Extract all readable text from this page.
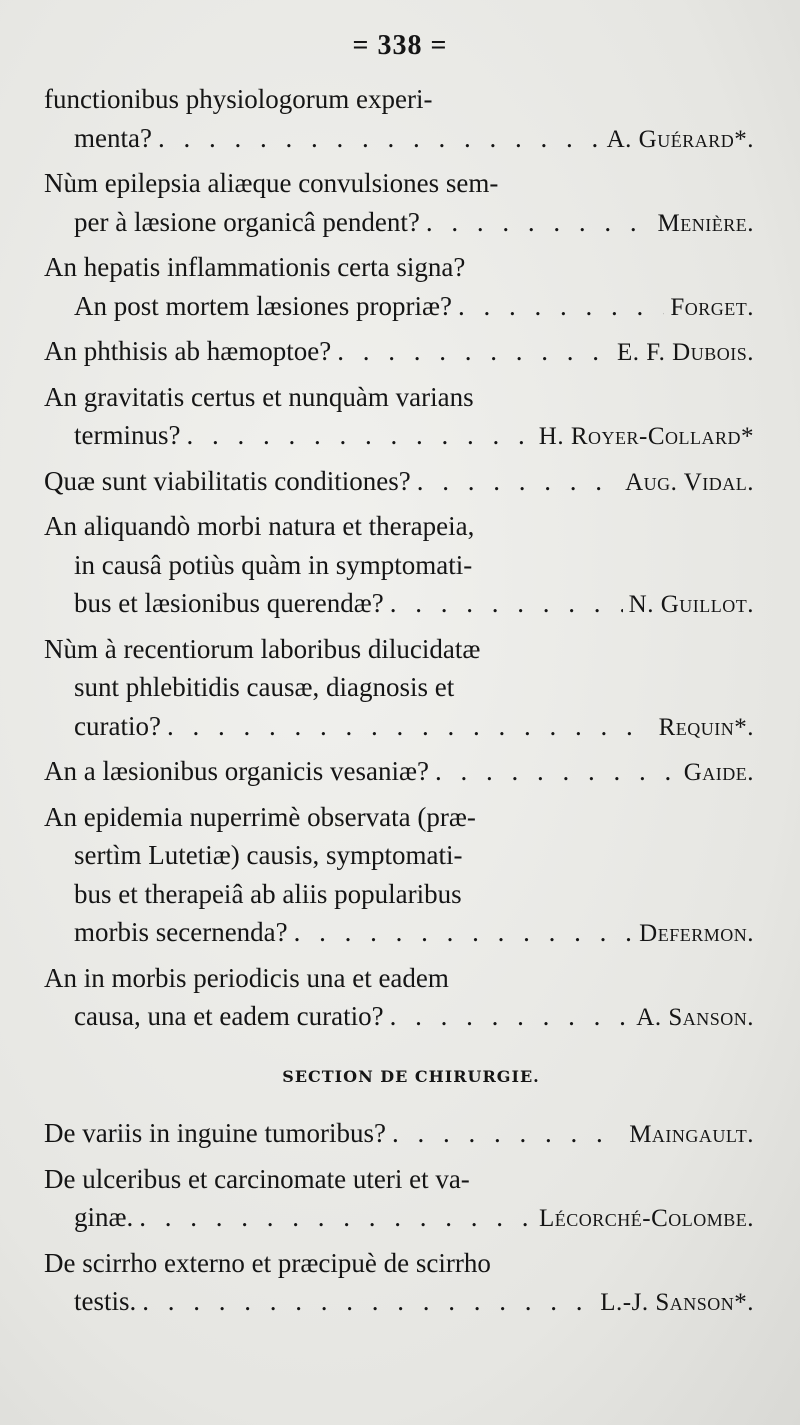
= 338 =
functionibus physiologorum experi-
menta? . . .	A. Guérard*.
Nùm epilepsia aliæque convulsiones sem-
per à læsione organicâ pendent? . . .	Menière.
An hepatis inflammationis certa signa?
An post mortem læsiones propriæ? . . .	Forget.
An phthisis ab hæmoptoe? . . .	E. F. Dubois.
An gravitatis certus et nunquàm varians
terminus? . . .	H. Royer-Collard*
Quæ sunt viabilitatis conditiones? . . .	Aug. Vidal.
An aliquandò morbi natura et therapeia,
in causâ potiùs quàm in symptomati-
bus et læsionibus querendæ? . . .	N. Guillot.
Nùm à recentiorum laboribus dilucidatæ
sunt phlebitidis causæ, diagnosis et
curatio? . . .	Requin*.
An a læsionibus organicis vesaniæ? . . .	Gaide.
An epidemia nuperrimè observata (præ-
sertìm Lutetiæ) causis, symptomati-
bus et therapeiâ ab aliis popularibus
morbis secernenda? . . .	Defermon.
An in morbis periodicis una et eadem
causa, una et eadem curatio? . . .	A. Sanson.
SECTION DE CHIRURGIE.
De variis in inguine tumoribus? . . .	Maingault.
De ulceribus et carcinomate uteri et va-
ginæ. . . .	Lécorché-Colombe.
De scirrho externo et præcipuè de scirrho
testis. . . .	L.-J. Sanson*.
